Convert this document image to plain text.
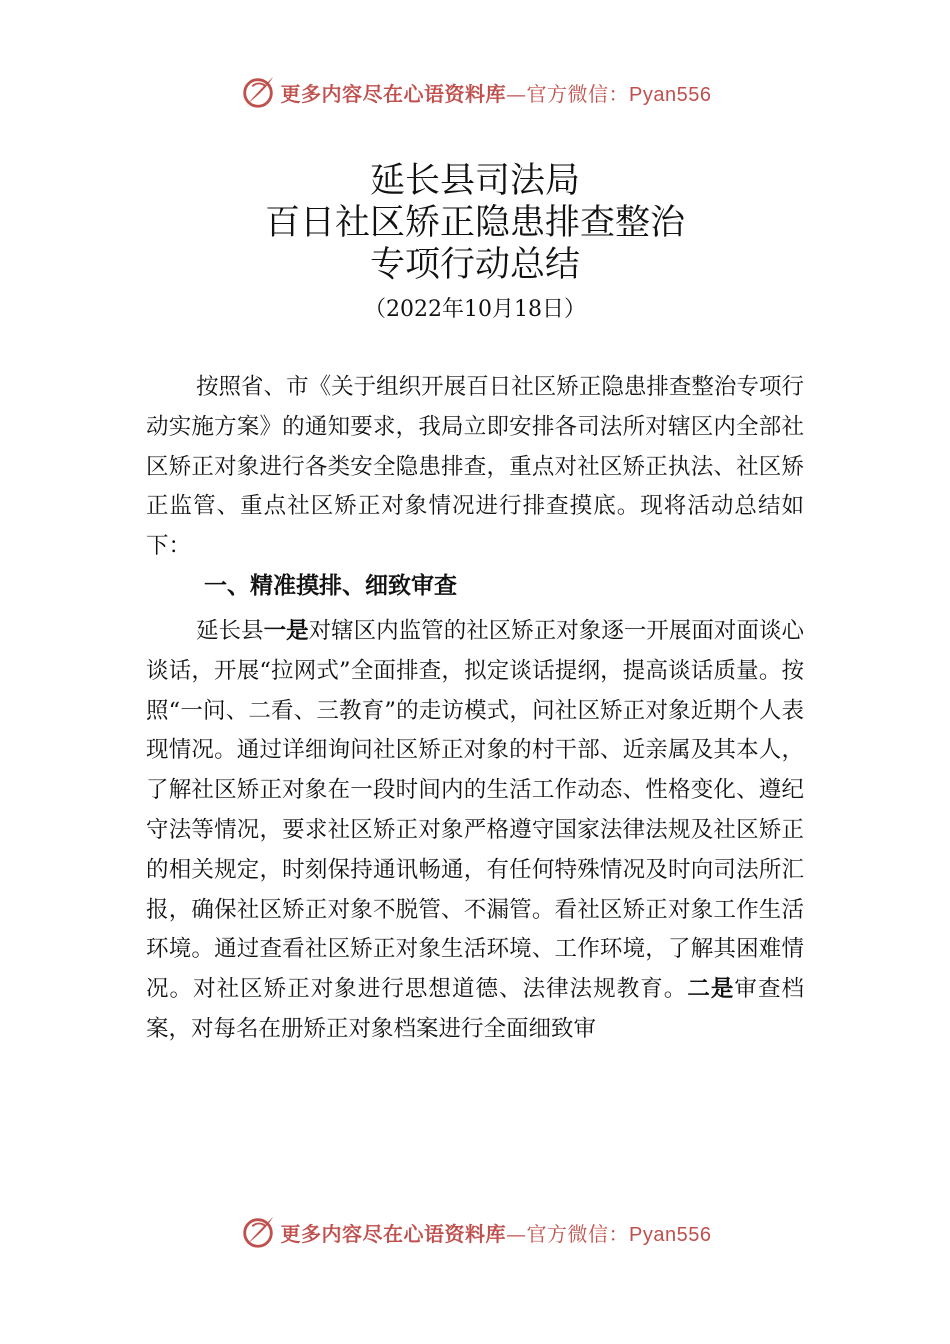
更多内容尽在心语资料库—官方微信：Pyan556
延长县司法局
百日社区矫正隐患排查整治
专项行动总结
（2022年10月18日）
按照省、市《关于组织开展百日社区矫正隐患排查整治专项行动实施方案》的通知要求，我局立即安排各司法所对辖区内全部社区矫正对象进行各类安全隐患排查，重点对社区矫正执法、社区矫正监管、重点社区矫正对象情况进行排查摸底。现将活动总结如下：
一、精准摸排、细致审查
延长县一是对辖区内监管的社区矫正对象逐一开展面对面谈心谈话，开展“拉网式”全面排查，拟定谈话提纲，提高谈话质量。按照“一问、二看、三教育”的走访模式，问社区矫正对象近期个人表现情况。通过详细询问社区矫正对象的村干部、近亲属及其本人，了解社区矫正对象在一段时间内的生活工作动态、性格变化、遵纪守法等情况，要求社区矫正对象严格遵守国家法律法规及社区矫正的相关规定，时刻保持通讯畅通，有任何特殊情况及时向司法所汇报，确保社区矫正对象不脱管、不漏管。看社区矫正对象工作生活环境。通过查看社区矫正对象生活环境、工作环境，了解其困难情况。对社区矫正对象进行思想道德、法律法规教育。二是审查档案，对每名在册矫正对象档案进行全面细致审
更多内容尽在心语资料库—官方微信：Pyan556
